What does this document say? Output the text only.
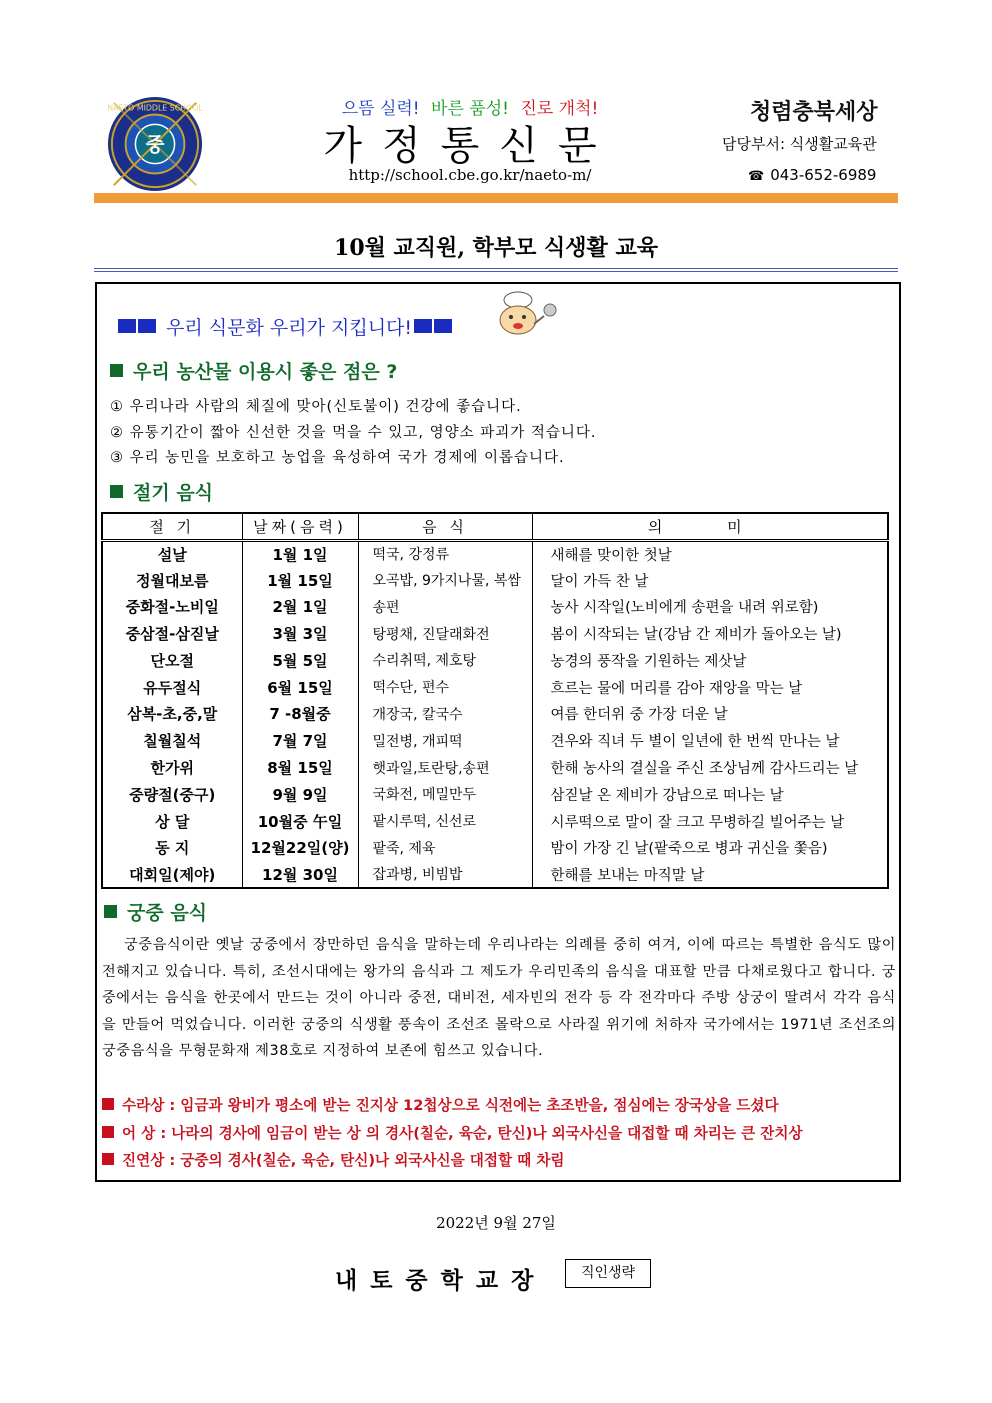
NAETO MIDDLE SCHOOL
중
으뜸 실력! 바른 품성! 진로 개척!
가정통신문
http://school.cbe.go.kr/naeto-m/
청렴충북세상
담당부서: 식생활교육관
☎ 043-652-6989
10월 교직원, 학부모 식생활 교육
우리 식문화 우리가 지킵니다!
우리 농산물 이용시 좋은 점은 ?
① 우리나라 사람의 체질에 맞아(신토불이) 건강에 좋습니다.
② 유통기간이 짧아 신선한 것을 먹을 수 있고, 영양소 파괴가 적습니다.
③ 우리 농민을 보호하고 농업을 육성하여 국가 경제에 이롭습니다.
절기 음식
절 기	날짜(음력)	음 식	의 미
설날	1월 1일	떡국, 강정류	새해를 맞이한 첫날
정월대보름	1월 15일	오곡밥, 9가지나물, 복쌈	달이 가득 찬 날
중화절-노비일	2월 1일	송편	농사 시작일(노비에게 송편을 내려 위로함)
중삼절-삼짇날	3월 3일	탕평채, 진달래화전	봄이 시작되는 날(강남 간 제비가 돌아오는 날)
단오절	5월 5일	수리취떡, 제호탕	농경의 풍작을 기원하는 제삿날
유두절식	6월 15일	떡수단, 편수	흐르는 물에 머리를 감아 재앙을 막는 날
삼복-초,중,말	7 -8월중	개장국, 칼국수	여름 한더위 중 가장 더운 날
칠월칠석	7월 7일	밀전병, 개피떡	견우와 직녀 두 별이 일년에 한 번씩 만나는 날
한가위	8월 15일	햇과일,토란탕,송편	한해 농사의 결실을 주신 조상님께 감사드리는 날
중량절(중구)	9월 9일	국화전, 메밀만두	삼짇날 온 제비가 강남으로 떠나는 날
상 달	10월중 午일	팥시루떡, 신선로	시루떡으로 말이 잘 크고 무병하길 빌어주는 날
동 지	12월22일(양)	팥죽, 제육	밤이 가장 긴 날(팥죽으로 병과 귀신을 쫓음)
대회일(제야)	12월 30일	잡과병, 비빔밥	한해를 보내는 마직말 날
궁중 음식
궁중음식이란 옛날 궁중에서 장만하던 음식을 말하는데 우리나라는 의례를 중히 여겨, 이에 따르는 특별한 음식도 많이 전해지고 있습니다. 특히, 조선시대에는 왕가의 음식과 그 제도가 우리민족의 음식을 대표할 만큼 다채로웠다고 합니다. 궁중에서는 음식을 한곳에서 만드는 것이 아니라 중전, 대비전, 세자빈의 전각 등 각 전각마다 주방 상궁이 딸려서 각각 음식을 만들어 먹었습니다. 이러한 궁중의 식생활 풍속이 조선조 몰락으로 사라질 위기에 처하자 국가에서는 1971년 조선조의 궁중음식을 무형문화재 제38호로 지정하여 보존에 힘쓰고 있습니다.
수라상 : 임금과 왕비가 평소에 받는 진지상 12첩상으로 식전에는 초조반을, 점심에는 장국상을 드셨다
어 상 : 나라의 경사에 임금이 받는 상 의 경사(칠순, 육순, 탄신)나 외국사신을 대접할 때 차리는 큰 잔치상
진연상 : 궁중의 경사(칠순, 육순, 탄신)나 외국사신을 대접할 때 차림
2022년 9월 27일
내토중학교장	직인생략
